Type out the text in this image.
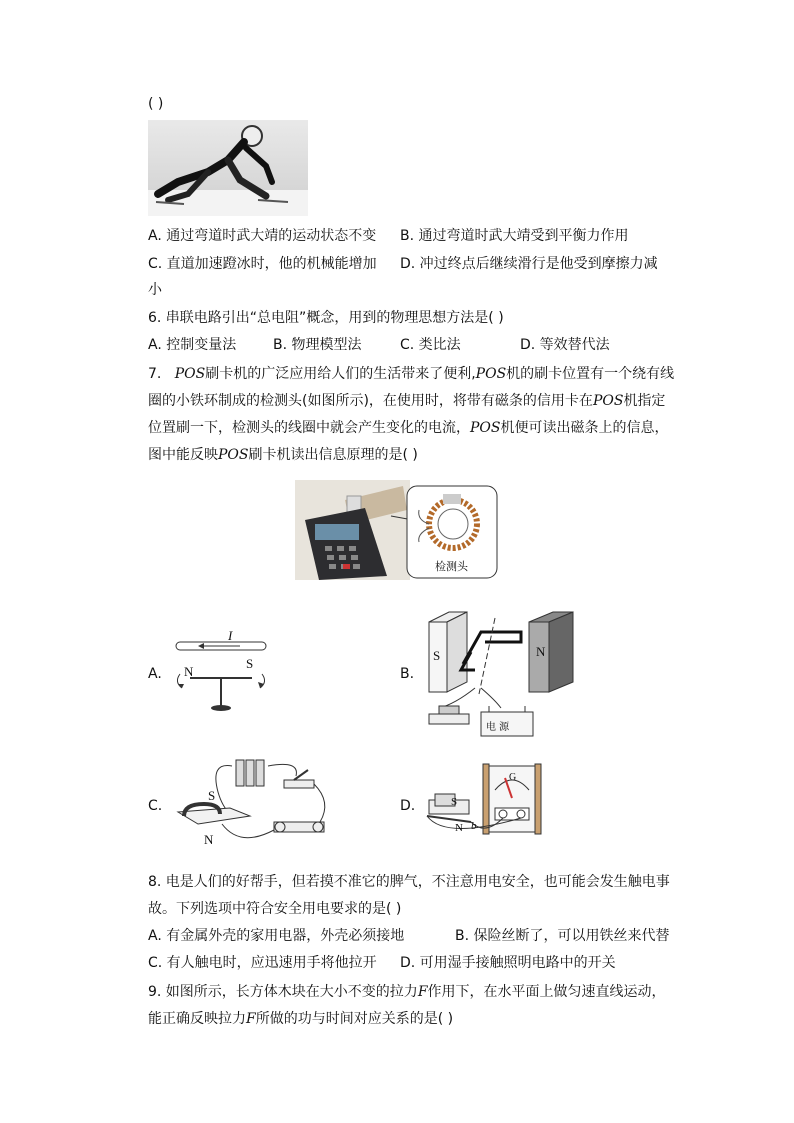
( )
A. 通过弯道时武大靖的运动状态不变 B. 通过弯道时武大靖受到平衡力作用
C. 直道加速蹬冰时，他的机械能增加 D. 冲过终点后继续滑行是他受到摩擦力减
小
6. 串联电路引出“总电阻”概念，用到的物理思想方法是( )
A. 控制变量法	B. 物理模型法	C. 类比法	D. 等效替代法
7. POS刷卡机的广泛应用给人们的生活带来了便利,POS机的刷卡位置有一个绕有线
圈的小铁环制成的检测头(如图所示)，在使用时，将带有磁条的信用卡在POS机指定
位置刷一下，检测头的线圈中就会产生变化的电流，POS机便可读出磁条上的信息，
图中能反映POS刷卡机读出信息原理的是( )
检测头
A.	B.
C.	D.
I
N
S
S	N
电 源
S
N
S
N b
G
8. 电是人们的好帮手，但若摸不准它的脾气，不注意用电安全，也可能会发生触电事
故。下列选项中符合安全用电要求的是( )
A. 有金属外壳的家用电器，外壳必须接地	B. 保险丝断了，可以用铁丝来代替
C. 有人触电时，应迅速用手将他拉开 D. 可用湿手接触照明电路中的开关
9. 如图所示，长方体木块在大小不变的拉力F作用下，在水平面上做匀速直线运动，
能正确反映拉力F所做的功与时间对应关系的是( )
